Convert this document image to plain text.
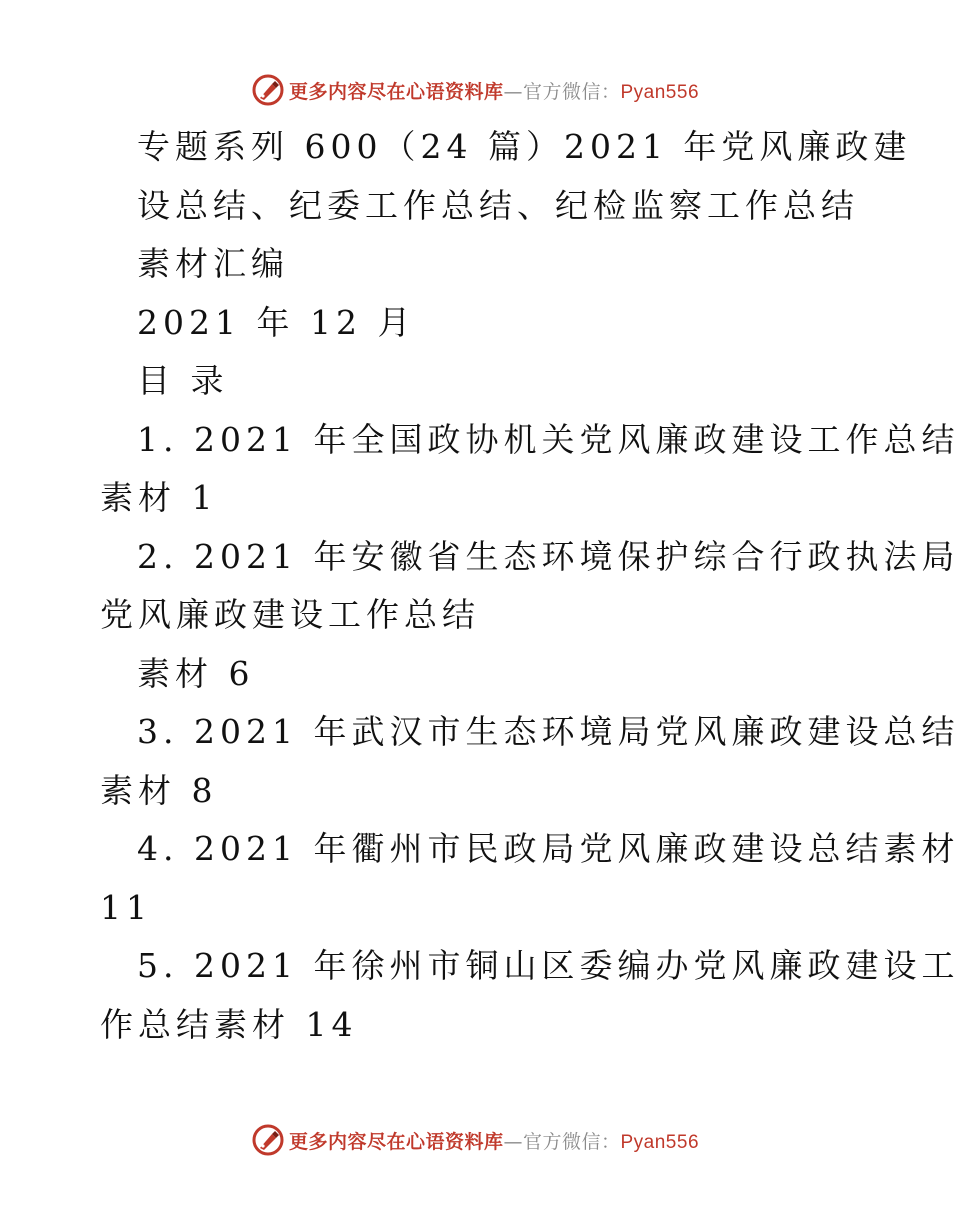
更多内容尽在心语资料库—官方微信：Pyan556
专题系列 600（24 篇）2021 年党风廉政建
设总结、纪委工作总结、纪检监察工作总结
素材汇编
2021 年 12 月
目 录
1. 2021 年全国政协机关党风廉政建设工作总结
素材 1
2. 2021 年安徽省生态环境保护综合行政执法局
党风廉政建设工作总结
素材 6
3. 2021 年武汉市生态环境局党风廉政建设总结
素材 8
4. 2021 年衢州市民政局党风廉政建设总结素材
11
5. 2021 年徐州市铜山区委编办党风廉政建设工
作总结素材 14
更多内容尽在心语资料库—官方微信：Pyan556
